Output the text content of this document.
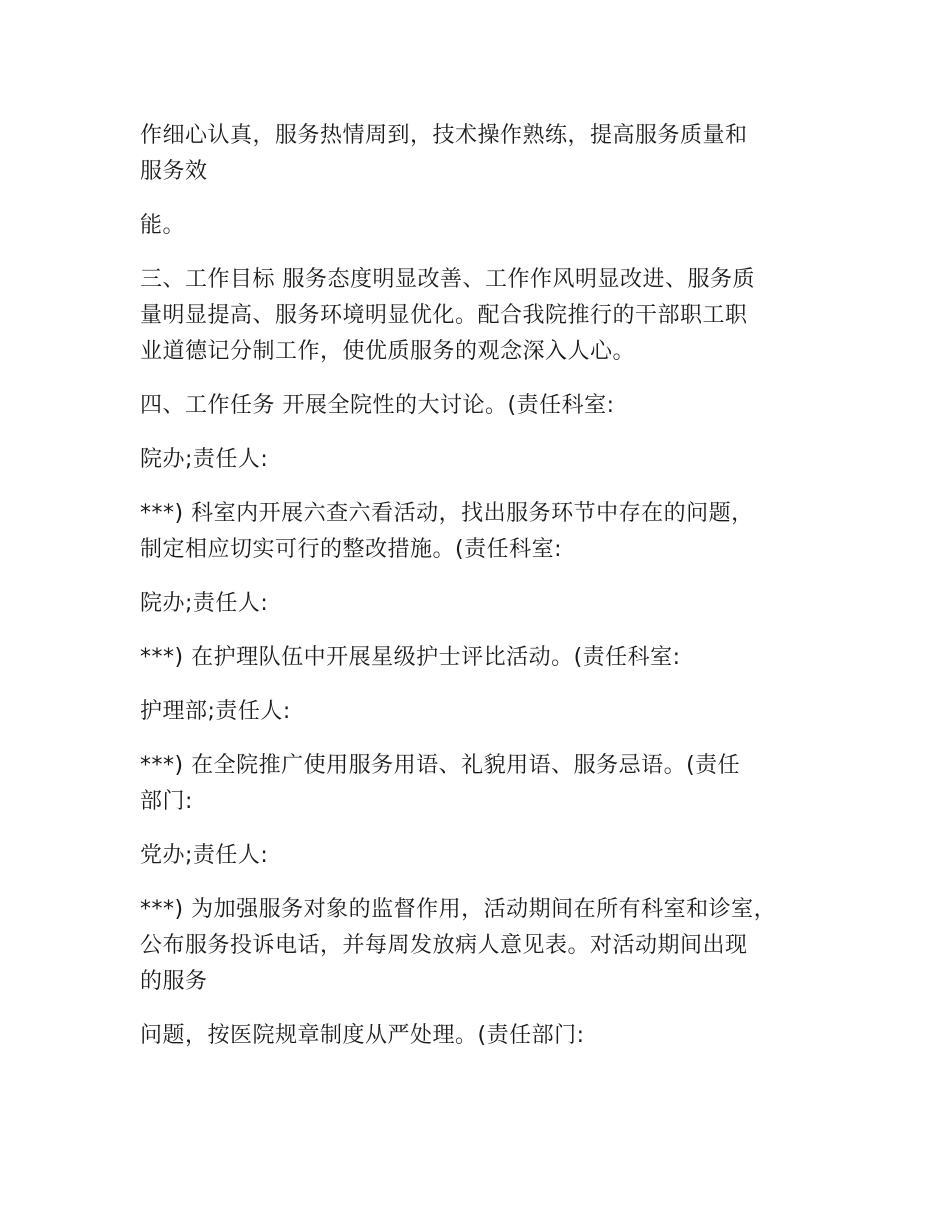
作细心认真，服务热情周到，技术操作熟练，提高服务质量和
服务效

能。

三、工作目标 服务态度明显改善、工作作风明显改进、服务质
量明显提高、服务环境明显优化。配合我院推行的干部职工职
业道德记分制工作，使优质服务的观念深入人心。

四、工作任务 开展全院性的大讨论。(责任科室:

院办;责任人:

***) 科室内开展六查六看活动，找出服务环节中存在的问题，
制定相应切实可行的整改措施。(责任科室:

院办;责任人:

***) 在护理队伍中开展星级护士评比活动。(责任科室:

护理部;责任人:

***) 在全院推广使用服务用语、礼貌用语、服务忌语。(责任
部门:

党办;责任人:

***) 为加强服务对象的监督作用，活动期间在所有科室和诊室，
公布服务投诉电话，并每周发放病人意见表。对活动期间出现
的服务

问题，按医院规章制度从严处理。(责任部门:
